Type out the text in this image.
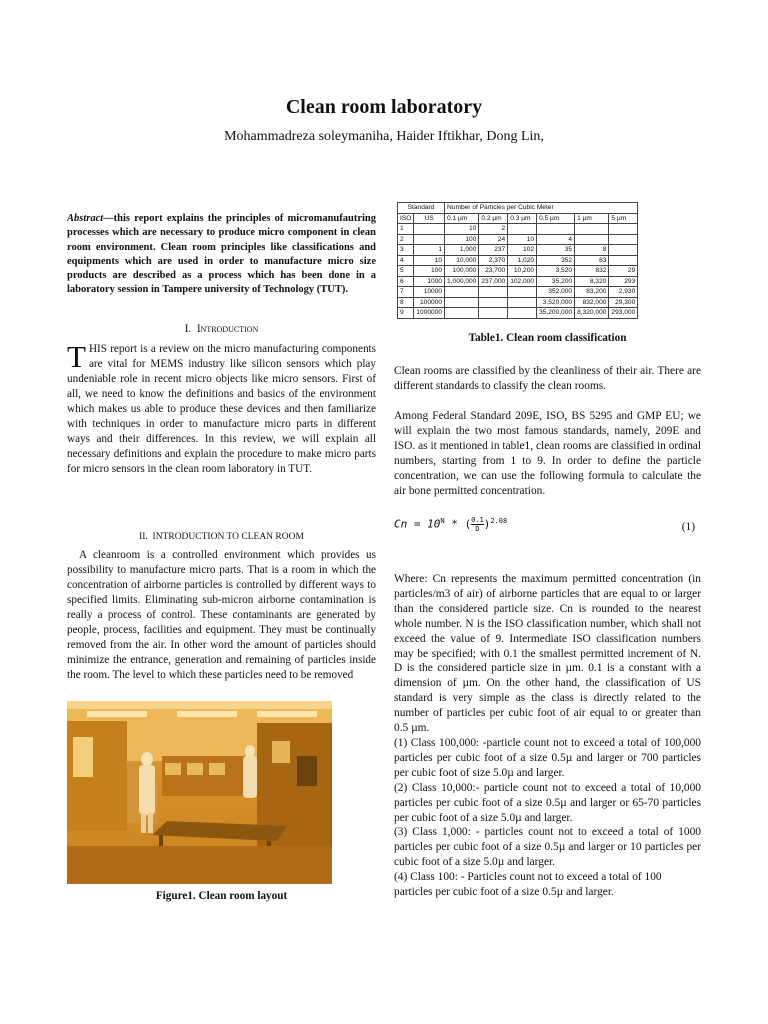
Clean room laboratory
Mohammadreza soleymaniha, Haider Iftikhar, Dong Lin,
Abstract—this report explains the principles of micromanufautring processes which are necessary to produce micro component in clean room environment. Clean room principles like classifications and equipments which are used in order to manufacture micro size products are described as a process which has been done in a laboratory session in Tampere university of Technology (TUT).
I. Introduction
THIS report is a review on the micro manufacturing components are vital for MEMS industry like silicon sensors which play undeniable role in recent micro objects like micro sensors. First of all, we need to know the definitions and basics of the environment which makes us able to produce these devices and then familiarize with techniques in order to manufacture micro parts in different ways and their differences. In this review, we will explain all necessary definitions and explain the procedure to make micro parts for micro sensors in the clean room laboratory in TUT.
II. INTRODUCTION TO CLEAN ROOM
A cleanroom is a controlled environment which provides us possibility to manufacture micro parts. That is a room in which the concentration of airborne particles is controlled by different ways to specified limits. Eliminating sub-micron airborne contamination is really a process of control. These contaminants are generated by people, process, facilities and equipment. They must be continually removed from the air. In other word the amount of particles should minimize the entrance, generation and remaining of particles inside the room. The level to which these particles need to be removed
Figure1. Clean room layout
Standard		Number of Particles per Cubic Meter					
ISO	US	0.1 µm	0.2 µm	0.3 µm	0.5 µm	1 µm	5 µm
1		10	2				
2		100	24	10	4		
3	1	1,000	237	102	35	8	
4	10	10,000	2,370	1,020	352	83	
5	100	100,000	23,700	10,200	3,520	832	29
6	1000	1,000,000	237,000	102,000	35,200	8,320	293
7	10000				352,000	83,200	2,930
8	100000				3,520,000	832,000	29,300
9	1000000				35,200,000	8,320,000	293,000
Table1. Clean room classification
Clean rooms are classified by the cleanliness of their air. There are different standards to classify the clean rooms.
Among Federal Standard 209E, ISO, BS 5295 and GMP EU; we will explain the two most famous standards, namely, 209E and ISO. as it mentioned in table1, clean rooms are classified in ordinal numbers, starting from 1 to 9. In order to define the particle concentration, we can use the following formula to calculate the air bone permitted concentration.
$Cn = 10^N$ * ( $\frac{0.1}{D} )^{2.08}$
(1)

Where: Cn represents the maximum permitted concentration (in particles/m3 of air) of airborne particles that are equal to or larger than the considered particle size. Cn is rounded to the nearest whole number. N is the ISO classification number, which shall not exceed the value of 9. Intermediate ISO classification numbers may be specified; with 0.1 the smallest permitted increment of N. D is the considered particle size in µm. 0.1 is a constant with a dimension of µm. On the other hand, the classification of US standard is very simple as the class is directly related to the number of particles per cubic foot of air equal to or greater than 0.5 µm.

(1) Class 100,000: -particle count not to exceed a total of 100,000 particles per cubic foot of a size 0.5µ and larger or 700 particles per cubic foot of size 5.0µ and larger.

(2) Class 10,000:- particle count not to exceed a total of 10,000 particles per cubic foot of a size 0.5µ and larger or 65-70 particles per cubic foot of a size 5.0µ and larger.

(3) Class 1,000: - particles count not to exceed a total of 1000 particles per cubic foot of a size 0.5µ and larger or 10 particles per cubic foot of a size 5.0µ and larger.

(4) Class 100: - Particles count not to exceed a total of 100 particles per cubic foot of a size 0.5µ and larger.
